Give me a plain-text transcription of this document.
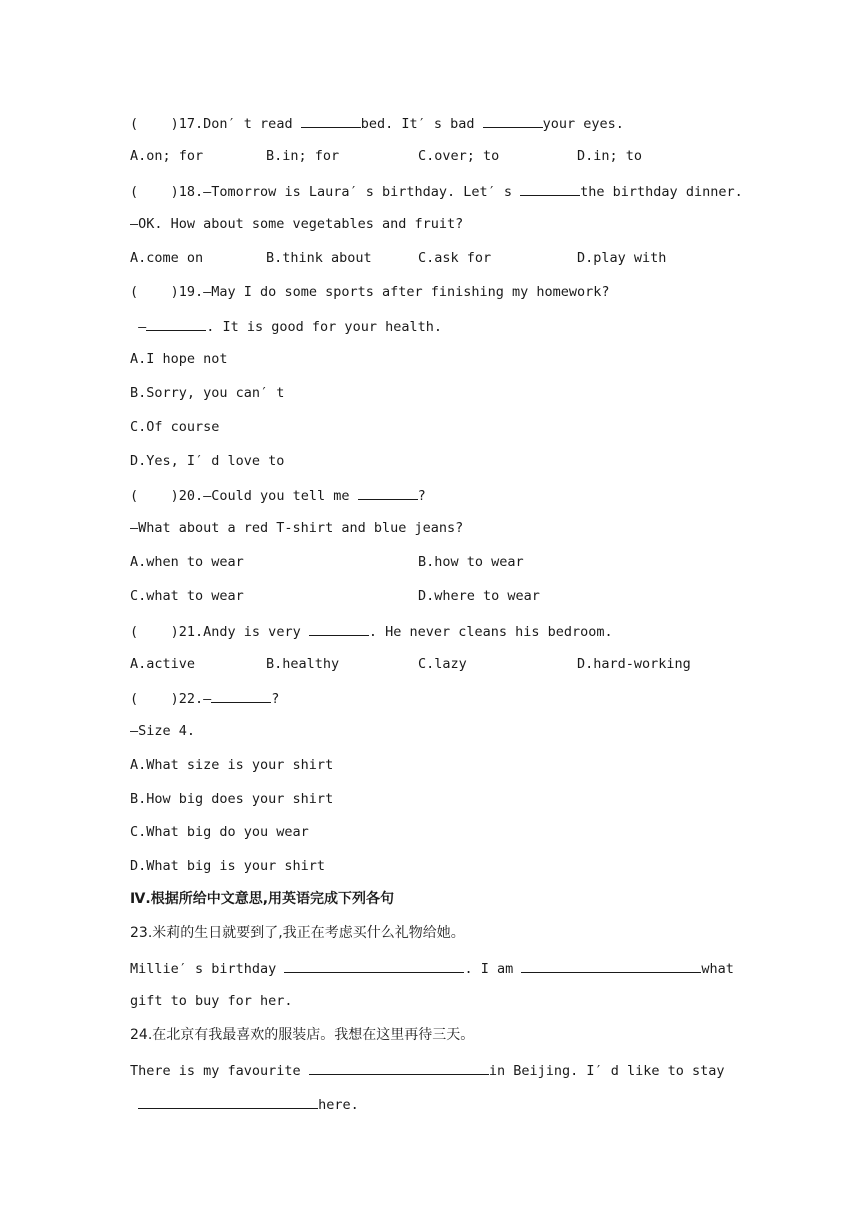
(    )17.Don′ t read	bed. It′ s bad	your eyes.
A.on; for	B.in; for	C.over; to	D.in; to
(    )18.—Tomorrow is Laura′ s birthday. Let′ s	the birthday dinner.
—OK. How about some vegetables and fruit?
A.come on	B.think about	C.ask for	D.play with
(    )19.—May I do some sports after finishing my homework?
—	. It is good for your health.
A.I hope not
B.Sorry, you can′ t
C.Of course
D.Yes, I′ d love to
(    )20.—Could you tell me	?
—What about a red T-shirt and blue jeans?
A.when to wear	B.how to wear
C.what to wear	D.where to wear
(    )21.Andy is very	. He never cleans his bedroom.
A.active	B.healthy	C.lazy	D.hard-working
(    )22.—	?
—Size 4.
A.What size is your shirt
B.How big does your shirt
C.What big do you wear
D.What big is your shirt
Ⅳ.根据所给中文意思,用英语完成下列各句
23.米莉的生日就要到了,我正在考虑买什么礼物给她。
Millie′ s birthday	. I am	what
gift to buy for her.
24.在北京有我最喜欢的服装店。我想在这里再待三天。
There is my favourite	in Beijing. I′ d like to stay
here.
